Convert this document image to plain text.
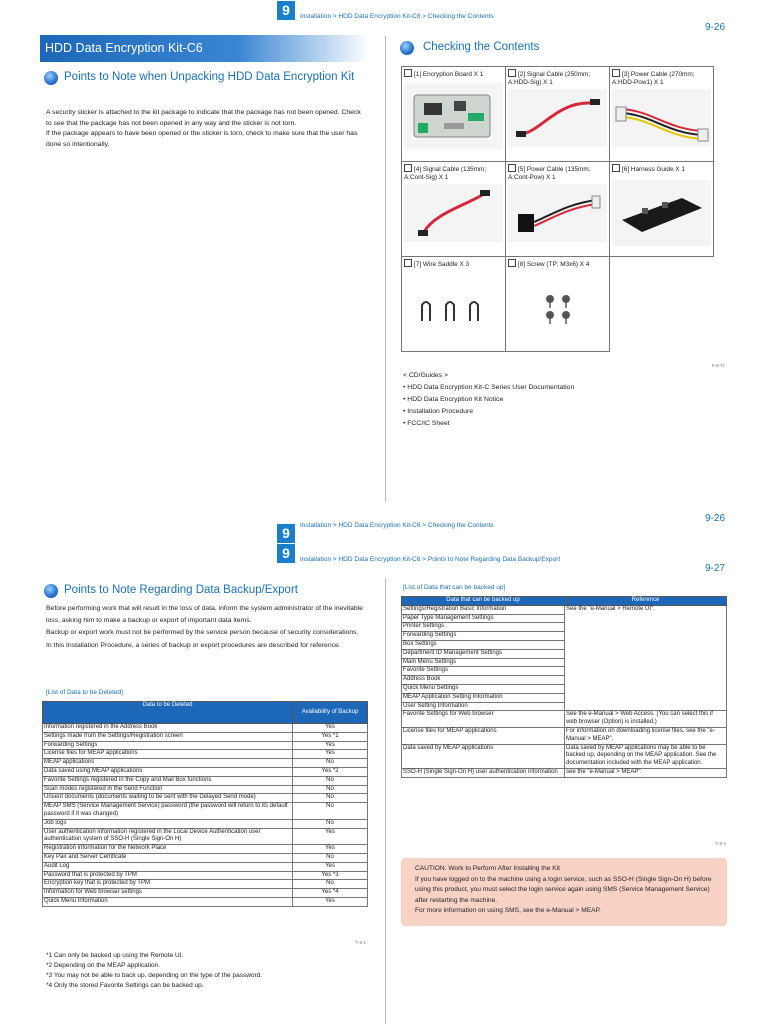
9	Installation > HDD Data Encryption Kit-C6 > Checking the Contents
9-26
HDD Data Encryption Kit-C6
Points to Note when Unpacking HDD Data Encryption Kit

A security sticker is attached to the kit package to indicate that the package has not been opened. Check to see that the package has not been opened in any way and the sticker is not torn.

If the package appears to have been opened or the sticker is torn, check to make sure that the user has done so intentionally.

Checking the Contents
[1] Encryption Board X 1	[2] Signal Cable (250mm; A:HDD-Sig) X 1	[3] Power Cable (270mm; A:HDD-Pow1) X 1

[4] Signal Cable (135mm; A:Cont-Sig) X 1	[5] Power Cable (135mm; A:Cont-Pow) X 1	[6] Harness Guide X 1

[7] Wire Saddle X 3	[8] Screw (TP; M3x6) X 4

F-9-71
< CD/Guides >
• HDD Data Encryption Kit-C Series User Documentation
• HDD Data Encryption Kit Notice
• Installation Procedure
• FCC/IC Sheet
Installation > HDD Data Encryption Kit-C6 > Checking the Contents
9-26
9
9	Installation > HDD Data Encryption Kit-C6 > Points to Note Regarding Data Backup/Export
9-27
Points to Note Regarding Data Backup/Export

Before performing work that will result in the loss of data, inform the system administrator of the inevitable loss, asking him to make a backup or export of important data items.

Backup or export work must not be performed by the service person because of security considerations.

In this Installation Procedure, a series of backup or export procedures are described for reference.

[List of Data to be Deleted]
Data to be Deleted	Availability of Backup
Information registered in the Address Book	Yes
Settings made from the Settings/Registration screen	Yes *1
Forwarding Settings	Yes
License files for MEAP applications	Yes
MEAP applications	No
Data saved using MEAP applications	Yes *2
Favorite Settings registered in the Copy and Mail Box functions	No
Scan modes registered in the Send Function	No
Unsent documents (documents waiting to be sent with the Delayed Send mode)	No
MEAP SMS (Service Management Service) password (the password will return to its default password if it was changed)	No
Job logs	No
User authentication information registered in the Local Device Authentication user authentication system of SSO-H (Single Sign-On H)	Yes
Registration information for the Network Place	Yes
Key Pair and Server Certificate	No
Audit Log	Yes
Password that is protected by TPM	Yes *3
Encryption key that is protected by TPM	No
Information for Web browser settings	Yes *4
Quick Menu Information	Yes
T-9-1
*1 Can only be backed up using the Remote UI.
*2 Depending on the MEAP application.
*3 You may not be able to back up, depending on the type of the password.
*4 Only the stored Favorite Settings can be backed up.
[List of Data that can be backed up]
Data that can be backed up	Reference
Settings/Registration Basic Information	See the "e-Manual > Remote UI".
Paper Type Management Settings	
Printer Settings	
Forwarding Settings	
Box Settings	
Department ID Management Settings	
Main Menu Settings	
Favorite Settings	
Address Book	
Quick Menu Settings	
MEAP Application Setting Information	
User Setting Information	
Favorite Settings for Web browser	See the e-Manual > Web Access. (You can select this if web browser (Option) is installed.)
License files for MEAP applications	For information on downloading license files, see the "e-Manual > MEAP".
Data saved by MEAP applications	Data saved by MEAP applications may be able to be backed up, depending on the MEAP application. See the documentation included with the MEAP application.
SSO-H (Single Sign-On H) user authentication information	see the "e-Manual > MEAP".
T-9-2
CAUTION: Work to Perform After Installing the Kit
If you have logged on to the machine using a login service, such as SSO-H (Single Sign-On H) before using this product, you must select the login service again using SMS (Service Management Service) after restarting the machine.
For more information on using SMS, see the e-Manual > MEAP.
